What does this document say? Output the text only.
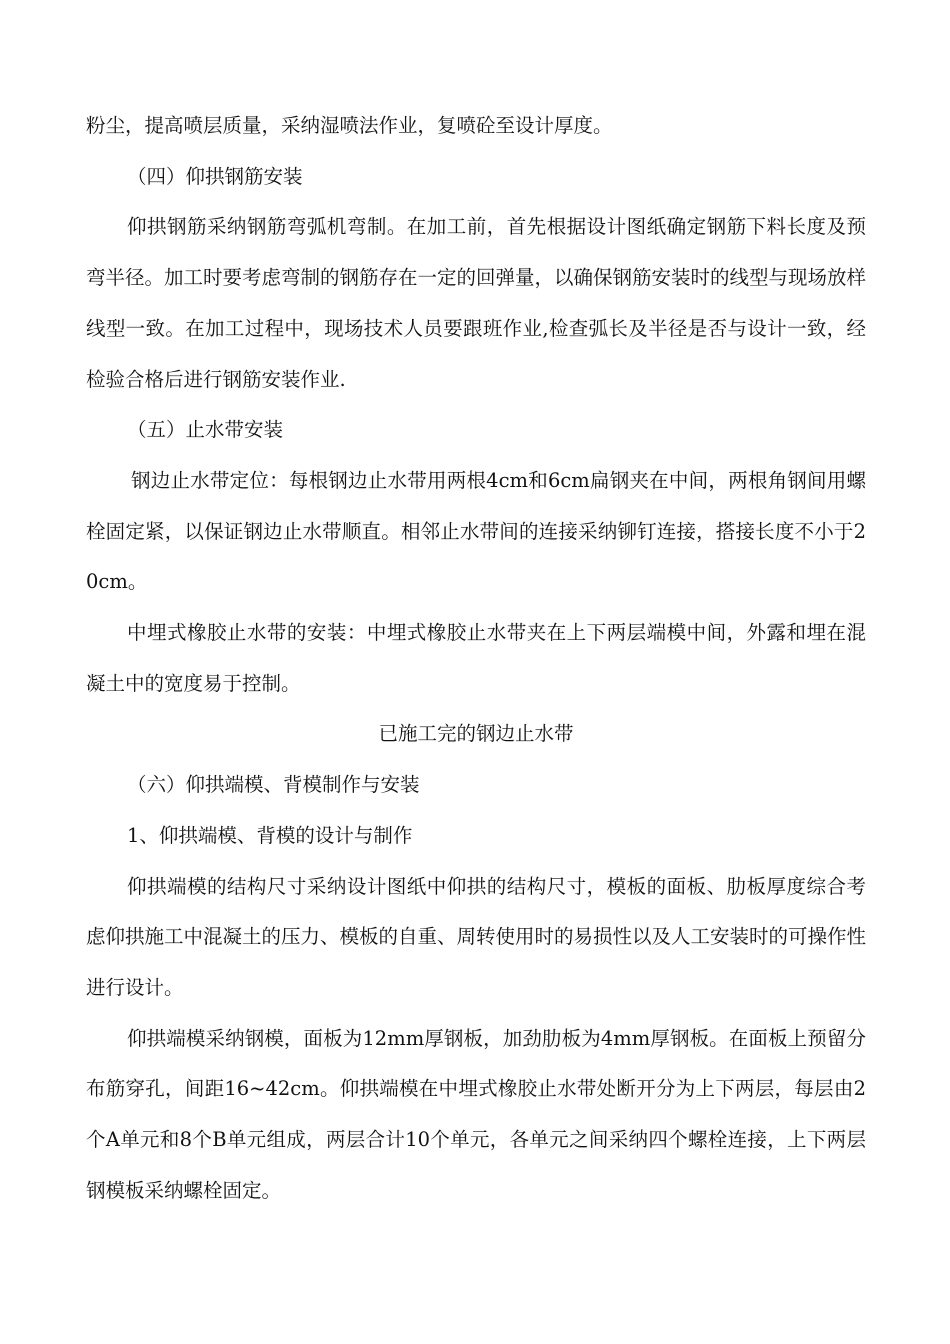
粉尘，提高喷层质量，采纳湿喷法作业，复喷砼至设计厚度。

（四）仰拱钢筋安装

仰拱钢筋采纳钢筋弯弧机弯制。在加工前，首先根据设计图纸确定钢筋下料长度及预弯半径。加工时要考虑弯制的钢筋存在一定的回弹量，以确保钢筋安装时的线型与现场放样线型一致。在加工过程中，现场技术人员要跟班作业,检查弧长及半径是否与设计一致，经检验合格后进行钢筋安装作业.

（五）止水带安装

钢边止水带定位：每根钢边止水带用两根4cm和6cm扁钢夹在中间，两根角钢间用螺栓固定紧，以保证钢边止水带顺直。相邻止水带间的连接采纳铆钉连接，搭接长度不小于20cm。

中埋式橡胶止水带的安装：中埋式橡胶止水带夹在上下两层端模中间，外露和埋在混凝土中的宽度易于控制。

已施工完的钢边止水带

（六）仰拱端模、背模制作与安装

1、仰拱端模、背模的设计与制作

仰拱端模的结构尺寸采纳设计图纸中仰拱的结构尺寸，模板的面板、肋板厚度综合考虑仰拱施工中混凝土的压力、模板的自重、周转使用时的易损性以及人工安装时的可操作性进行设计。

仰拱端模采纳钢模，面板为12mm厚钢板，加劲肋板为4mm厚钢板。在面板上预留分布筋穿孔，间距16~42cm。仰拱端模在中埋式橡胶止水带处断开分为上下两层，每层由2个A单元和8个B单元组成，两层合计10个单元，各单元之间采纳四个螺栓连接，上下两层钢模板采纳螺栓固定。
